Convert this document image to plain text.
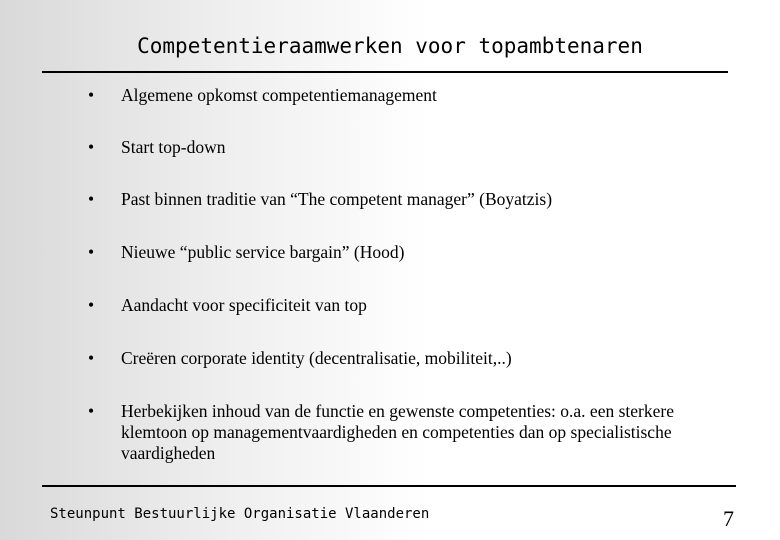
Competentieraamwerken voor topambtenaren
•	Algemene opkomst competentiemanagement
•	Start top-down
•	Past binnen traditie van “The competent manager” (Boyatzis)
•	Nieuwe “public service bargain” (Hood)
•	Aandacht voor specificiteit van top
•	Creëren corporate identity (decentralisatie, mobiliteit,..)
•	Herbekijken inhoud van de functie en gewenste competenties: o.a. een sterkere klemtoon op managementvaardigheden en competenties dan op specialistische vaardigheden
Steunpunt Bestuurlijke Organisatie Vlaanderen	7
